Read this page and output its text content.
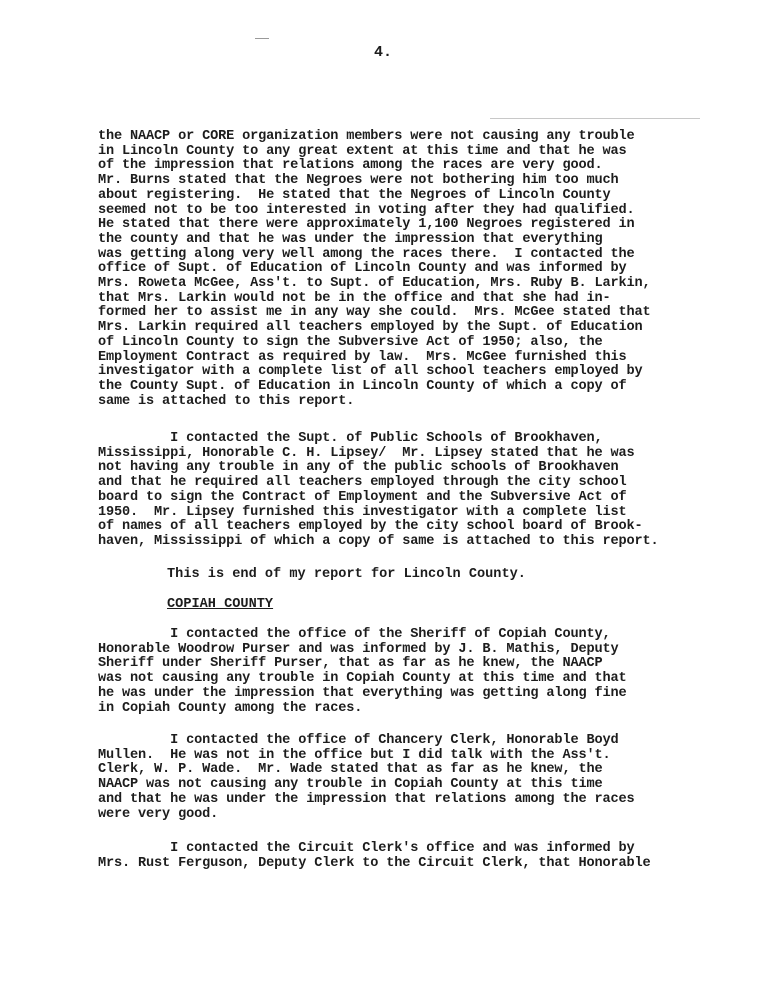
4.
the NAACP or CORE organization members were not causing any trouble
in Lincoln County to any great extent at this time and that he was
of the impression that relations among the races are very good.
Mr. Burns stated that the Negroes were not bothering him too much
about registering.  He stated that the Negroes of Lincoln County
seemed not to be too interested in voting after they had qualified.
He stated that there were approximately 1,100 Negroes registered in
the county and that he was under the impression that everything
was getting along very well among the races there.  I contacted the
office of Supt. of Education of Lincoln County and was informed by
Mrs. Roweta McGee, Ass't. to Supt. of Education, Mrs. Ruby B. Larkin,
that Mrs. Larkin would not be in the office and that she had in-
formed her to assist me in any way she could.  Mrs. McGee stated that
Mrs. Larkin required all teachers employed by the Supt. of Education
of Lincoln County to sign the Subversive Act of 1950; also, the
Employment Contract as required by law.  Mrs. McGee furnished this
investigator with a complete list of all school teachers employed by
the County Supt. of Education in Lincoln County of which a copy of
same is attached to this report.
I contacted the Supt. of Public Schools of Brookhaven,
Mississippi, Honorable C. H. Lipsey/  Mr. Lipsey stated that he was
not having any trouble in any of the public schools of Brookhaven
and that he required all teachers employed through the city school
board to sign the Contract of Employment and the Subversive Act of
1950.  Mr. Lipsey furnished this investigator with a complete list
of names of all teachers employed by the city school board of Brook-
haven, Mississippi of which a copy of same is attached to this report.
This is end of my report for Lincoln County.
COPIAH COUNTY
I contacted the office of the Sheriff of Copiah County,
Honorable Woodrow Purser and was informed by J. B. Mathis, Deputy
Sheriff under Sheriff Purser, that as far as he knew, the NAACP
was not causing any trouble in Copiah County at this time and that
he was under the impression that everything was getting along fine
in Copiah County among the races.
I contacted the office of Chancery Clerk, Honorable Boyd
Mullen.  He was not in the office but I did talk with the Ass't.
Clerk, W. P. Wade.  Mr. Wade stated that as far as he knew, the
NAACP was not causing any trouble in Copiah County at this time
and that he was under the impression that relations among the races
were very good.
I contacted the Circuit Clerk's office and was informed by
Mrs. Rust Ferguson, Deputy Clerk to the Circuit Clerk, that Honorable
